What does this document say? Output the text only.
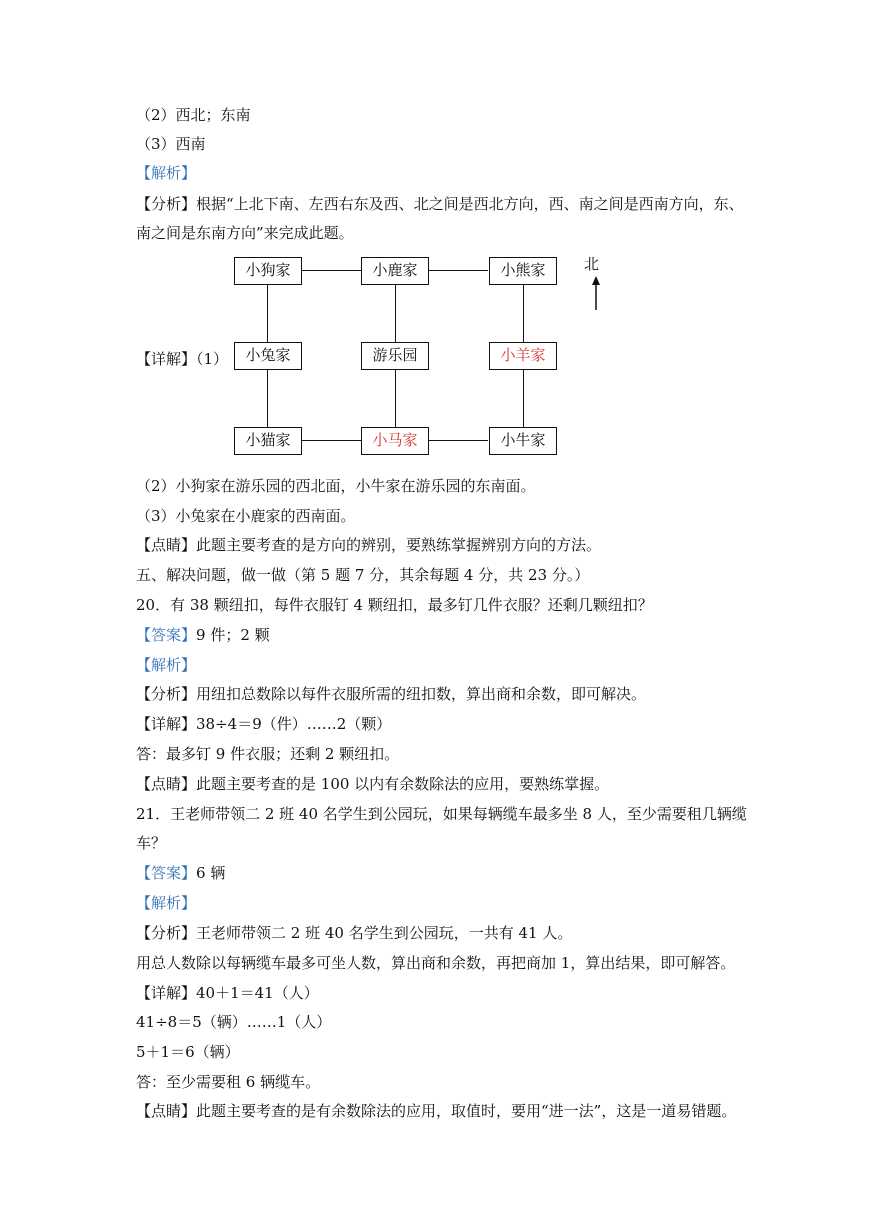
（2）西北；东南
（3）西南
【解析】
【分析】根据“上北下南、左西右东及西、北之间是西北方向，西、南之间是西南方向，东、
南之间是东南方向”来完成此题。
【详解】（1）
小狗家	小鹿家	小熊家
小兔家	游乐园	小羊家
小猫家	小马家	小牛家
北
（2）小狗家在游乐园的西北面，小牛家在游乐园的东南面。
（3）小兔家在小鹿家的西南面。
【点睛】此题主要考查的是方向的辨别，要熟练掌握辨别方向的方法。
五、解决问题，做一做（第 5 题 7 分，其余每题 4 分，共 23 分。）
20．有 38 颗纽扣，每件衣服钉 4 颗纽扣，最多钉几件衣服？还剩几颗纽扣？
【答案】9 件；2 颗
【解析】
【分析】用纽扣总数除以每件衣服所需的纽扣数，算出商和余数，即可解决。
【详解】38÷4＝9（件）……2（颗）
答：最多钉 9 件衣服；还剩 2 颗纽扣。
【点睛】此题主要考查的是 100 以内有余数除法的应用，要熟练掌握。
21．王老师带领二 2 班 40 名学生到公园玩，如果每辆缆车最多坐 8 人，至少需要租几辆缆
车？
【答案】6 辆
【解析】
【分析】王老师带领二 2 班 40 名学生到公园玩，一共有 41 人。
用总人数除以每辆缆车最多可坐人数，算出商和余数，再把商加 1，算出结果，即可解答。
【详解】40＋1＝41（人）
41÷8＝5（辆）……1（人）
5＋1＝6（辆）
答：至少需要租 6 辆缆车。
【点睛】此题主要考查的是有余数除法的应用，取值时，要用“进一法”，这是一道易错题。
